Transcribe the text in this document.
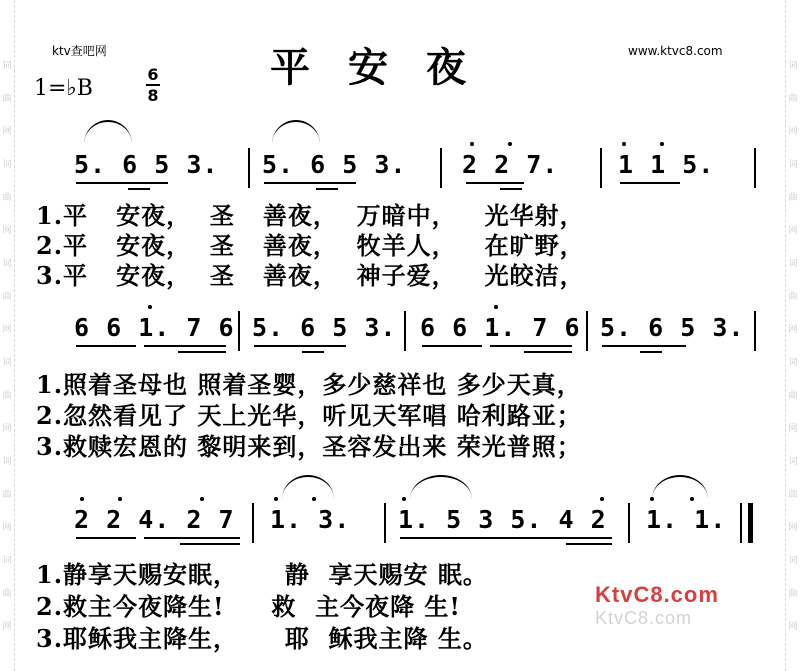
词
曲
网
词
曲
网
词
曲
网
词
曲
网
词
曲
网
词
曲
网
词
曲
网
词
曲
网
词
曲
网
词
曲
网
词
曲
网
词
曲
网
ktv查吧网	www.ktvc8.com
平安夜
1=♭B
6
8
5. 6 5 3. 5. 6 5 3. 2 2 7. 1 1 5.
6 6 1. 7 6 5. 6 5 3. 6 6 1. 7 6 5. 6 5 3.
2 2 4. 2 7 1. 3. 1. 5 3 5. 4 2 1. 1.
1.平   安夜，  圣   善夜，  万暗中，   光华射，
2.平   安夜，  圣   善夜，  牧羊人，   在旷野，
3.平   安夜，  圣   善夜，  神子爱，   光皎洁，
1.照着圣母也 照着圣婴，多少慈祥也 多少天真，
2.忽然看见了 天上光华，听见天军唱 哈利路亚；
3.救赎宏恩的 黎明来到，圣容发出来 荣光普照；
1.静享天赐安眠，     静  享天赐安 眠。
2.救主今夜降生!     救  主今夜降 生!
3.耶稣我主降生，     耶  稣我主降 生。
KtvC8.com
KtvC8.com
